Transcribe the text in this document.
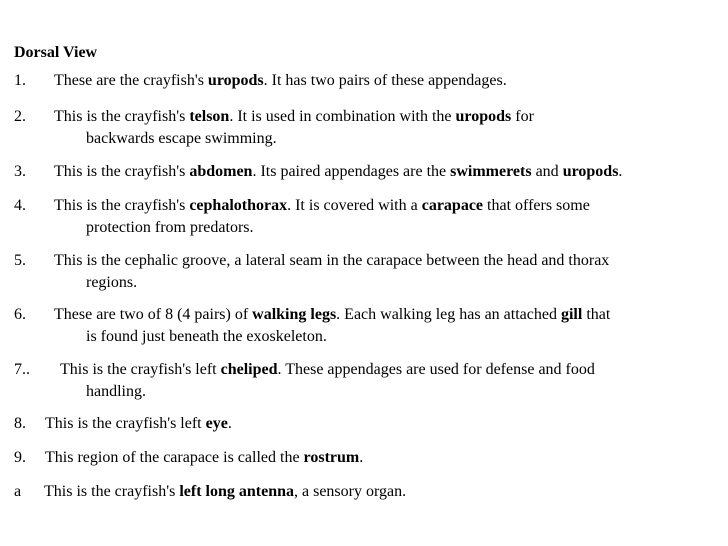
Dorsal View
1. These are the crayfish's uropods. It has two pairs of these appendages.
2. This is the crayfish's telson. It is used in combination with the uropods for
backwards escape swimming.
3. This is the crayfish's abdomen. Its paired appendages are the swimmerets and uropods.
4. This is the crayfish's cephalothorax. It is covered with a carapace that offers some
protection from predators.
5. This is the cephalic groove, a lateral seam in the carapace between the head and thorax
regions.
6. These are two of 8 (4 pairs) of walking legs. Each walking leg has an attached gill that
is found just beneath the exoskeleton.
7.. This is the crayfish's left cheliped. These appendages are used for defense and food
handling.
8. This is the crayfish's left eye.
9. This region of the carapace is called the rostrum.
a This is the crayfish's left long antenna, a sensory organ.
